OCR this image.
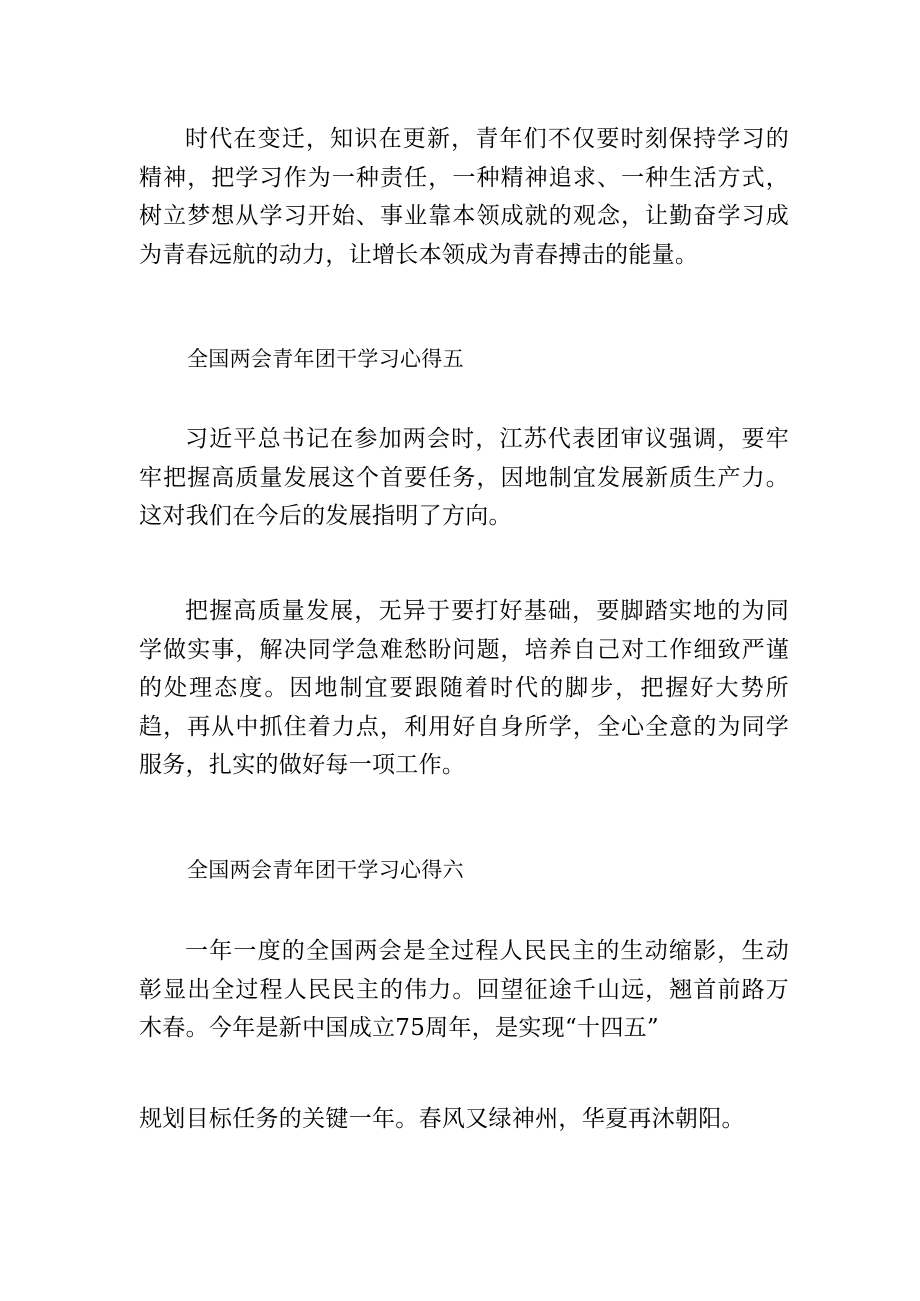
时代在变迁，知识在更新，青年们不仅要时刻保持学习的精神，把学习作为一种责任，一种精神追求、一种生活方式，树立梦想从学习开始、事业靠本领成就的观念，让勤奋学习成为青春远航的动力，让增长本领成为青春搏击的能量。

全国两会青年团干学习心得五

习近平总书记在参加两会时，江苏代表团审议强调，要牢牢把握高质量发展这个首要任务，因地制宜发展新质生产力。这对我们在今后的发展指明了方向。

把握高质量发展，无异于要打好基础，要脚踏实地的为同学做实事，解决同学急难愁盼问题，培养自己对工作细致严谨的处理态度。因地制宜要跟随着时代的脚步，把握好大势所趋，再从中抓住着力点，利用好自身所学，全心全意的为同学服务，扎实的做好每一项工作。

全国两会青年团干学习心得六

一年一度的全国两会是全过程人民民主的生动缩影，生动彰显出全过程人民民主的伟力。回望征途千山远，翘首前路万木春。今年是新中国成立75周年，是实现“十四五”

规划目标任务的关键一年。春风又绿神州，华夏再沐朝阳。
